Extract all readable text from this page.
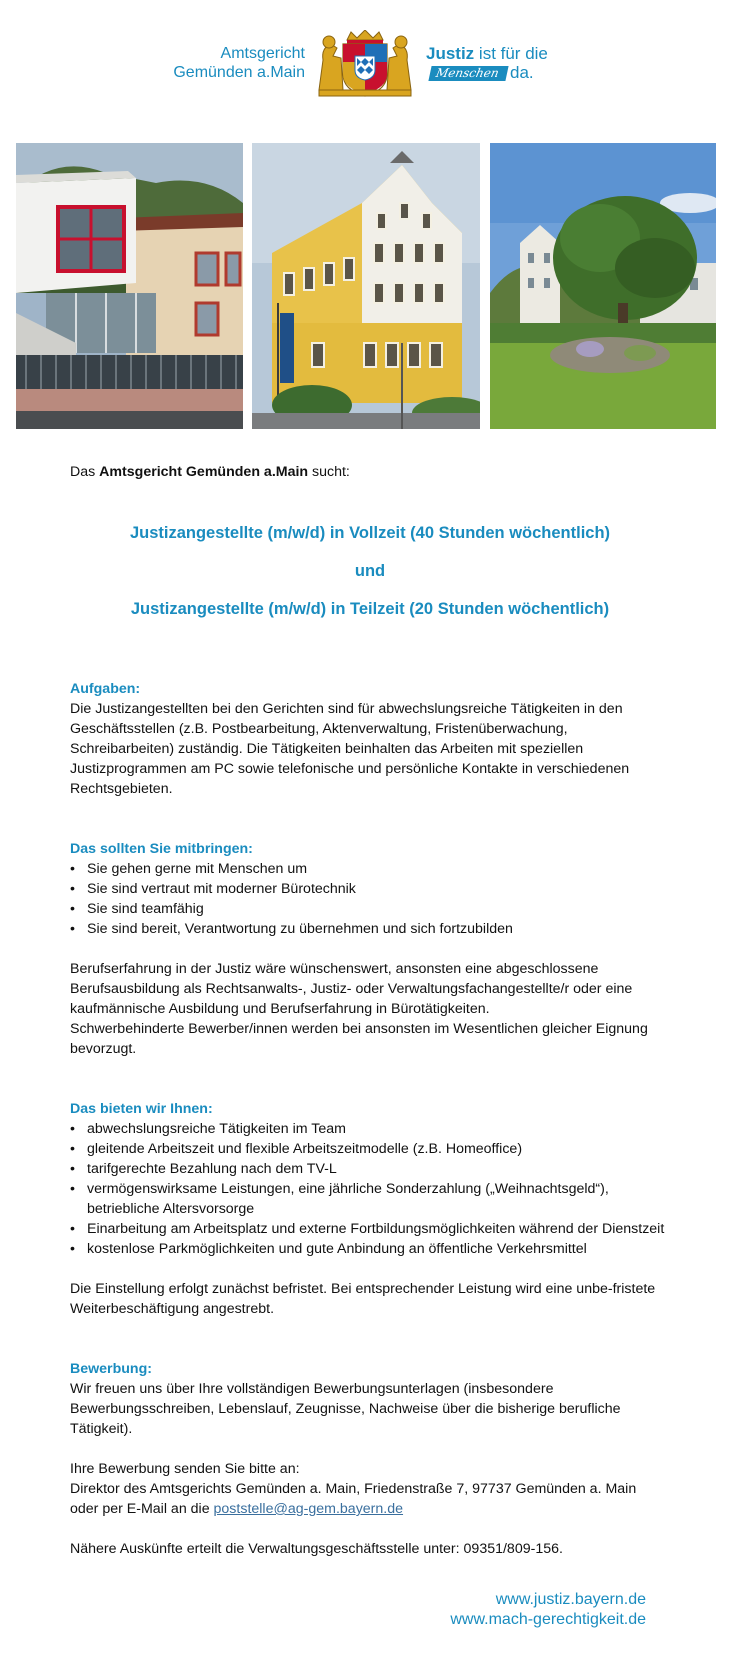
Amtsgericht
Gemünden a.Main
Justiz ist für die
Menschen da.

Das Amtsgericht Gemünden a.Main sucht:

Justizangestellte (m/w/d) in Vollzeit (40 Stunden wöchentlich)

und

Justizangestellte (m/w/d) in Teilzeit (20 Stunden wöchentlich)

Aufgaben:

Die Justizangestellten bei den Gerichten sind für abwechslungsreiche Tätigkeiten in den Geschäftsstellen (z.B. Postbearbeitung, Aktenverwaltung, Fristenüberwachung, Schreibarbeiten) zuständig. Die Tätigkeiten beinhalten das Arbeiten mit speziellen Justizprogrammen am PC sowie telefonische und persönliche Kontakte in verschiedenen Rechtsgebieten.

Das sollten Sie mitbringen:

• Sie gehen gerne mit Menschen um
• Sie sind vertraut mit moderner Bürotechnik
• Sie sind teamfähig
• Sie sind bereit, Verantwortung zu übernehmen und sich fortzubilden

Berufserfahrung in der Justiz wäre wünschenswert, ansonsten eine abgeschlossene Berufsausbildung als Rechtsanwalts-, Justiz- oder Verwaltungsfachangestellte/r oder eine kaufmännische Ausbildung und Berufserfahrung in Bürotätigkeiten.

Schwerbehinderte Bewerber/innen werden bei ansonsten im Wesentlichen gleicher Eignung bevorzugt.

Das bieten wir Ihnen:

• abwechslungsreiche Tätigkeiten im Team
• gleitende Arbeitszeit und flexible Arbeitszeitmodelle (z.B. Homeoffice)
• tarifgerechte Bezahlung nach dem TV-L
• vermögenswirksame Leistungen, eine jährliche Sonderzahlung („Weihnachtsgeld“), betriebliche Altersvorsorge
• Einarbeitung am Arbeitsplatz und externe Fortbildungsmöglichkeiten während der Dienstzeit
• kostenlose Parkmöglichkeiten und gute Anbindung an öffentliche Verkehrsmittel

Die Einstellung erfolgt zunächst befristet. Bei entsprechender Leistung wird eine unbe-fristete Weiterbeschäftigung angestrebt.

Bewerbung:

Wir freuen uns über Ihre vollständigen Bewerbungsunterlagen (insbesondere Bewerbungsschreiben, Lebenslauf, Zeugnisse, Nachweise über die bisherige berufliche Tätigkeit).

Ihre Bewerbung senden Sie bitte an:

Direktor des Amtsgerichts Gemünden a. Main, Friedenstraße 7, 97737 Gemünden a. Main

oder per E-Mail an die poststelle@ag-gem.bayern.de

Nähere Auskünfte erteilt die Verwaltungsgeschäftsstelle unter: 09351/809-156.

www.justiz.bayern.de
www.mach-gerechtigkeit.de
